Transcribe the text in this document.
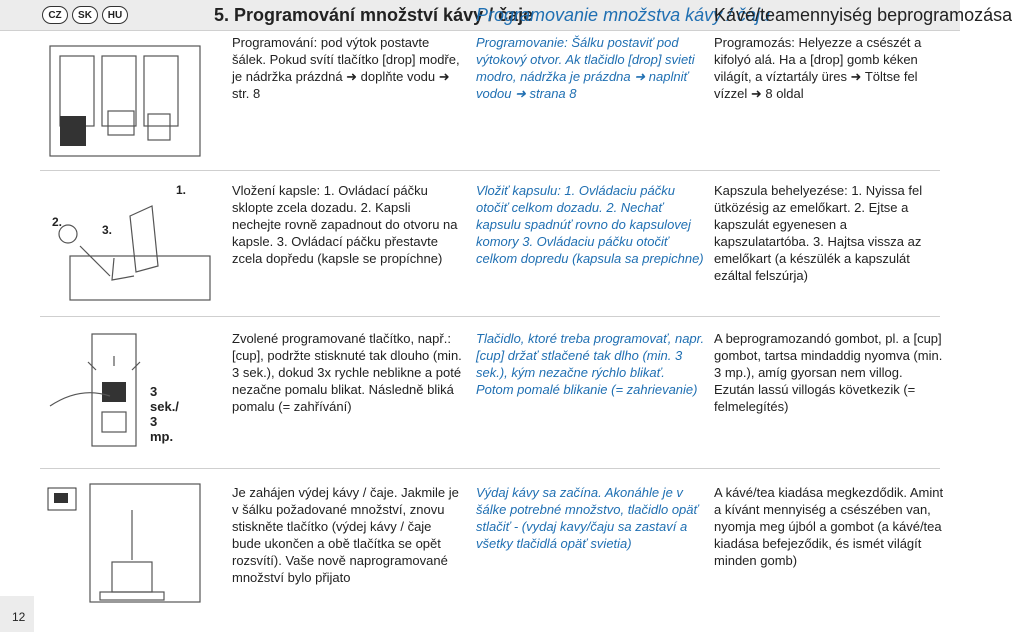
CZ	SK	HU	5. Programování množství kávy / čaje
Programovanie množstva kávy / čaju
Kávé/teamennyiség beprogramozása
Programování: pod výtok postavte šálek. Pokud svítí tlačítko [drop] modře, je nádržka prázdná ➜ doplňte vodu ➜ str. 8
Programovanie: Šálku postaviť pod výtokový otvor. Ak tlačidlo [drop] svieti modro, nádržka je prázdna ➜ naplniť vodou ➜ strana 8
Programozás: Helyezze a csészét a kifolyó alá. Ha a [drop] gomb kéken világít, a víztartály üres ➜ Töltse fel vízzel ➜ 8 oldal
1.
2.
3.
Vložení kapsle: 1. Ovládací páčku sklopte zcela dozadu. 2. Kapsli nechejte rovně zapadnout do otvoru na kapsle. 3. Ovládací páčku přestavte zcela dopředu (kapsle se propíchne)
Vložiť kapsulu: 1. Ovládaciu páčku otočiť celkom dozadu. 2. Nechať kapsulu spadnúť rovno do kapsulovej komory 3. Ovládaciu páčku otočiť celkom dopredu (kapsula sa prepichne)
Kapszula behelyezése: 1. Nyissa fel ütközésig az emelőkart. 2. Ejtse a kapszulát egyenesen a kapszulatartóba. 3. Hajtsa vissza az emelőkart (a készülék a kapszulát ezáltal felszúrja)
3 sek./ 3 mp.
Zvolené programované tlačítko, např.: [cup], podržte stisknuté tak dlouho (min. 3 sek.), dokud 3x rychle neblikne a poté nezačne pomalu blikat. Následně bliká pomalu (= zahřívání)
Tlačidlo, ktoré treba programovať, napr. [cup] držať stlačené tak dlho (min. 3 sek.), kým nezačne rýchlo blikať. Potom pomalé blikanie (= zahrievanie)
A beprogramozandó gombot, pl. a [cup] gombot, tartsa mindaddig nyomva (min. 3 mp.), amíg gyorsan nem villog. Ezután lassú villogás következik (= felmelegítés)
Je zahájen výdej kávy / čaje. Jakmile je v šálku požadované množství, znovu stiskněte tlačítko (výdej kávy / čaje bude ukončen a obě tlačítka se opět rozsvítí). Vaše nově naprogramované množství bylo přijato
Výdaj kávy sa začína. Akonáhle je v šálke potrebné množstvo, tlačidlo opäť stlačiť - (vydaj kavy/čaju sa zastaví a všetky tlačidlá opäť svietia)
A kávé/tea kiadása megkezdődik. Amint a kívánt mennyiség a csészében van, nyomja meg újból a gombot (a kávé/tea kiadása befejeződik, és ismét világít minden gomb)
12
